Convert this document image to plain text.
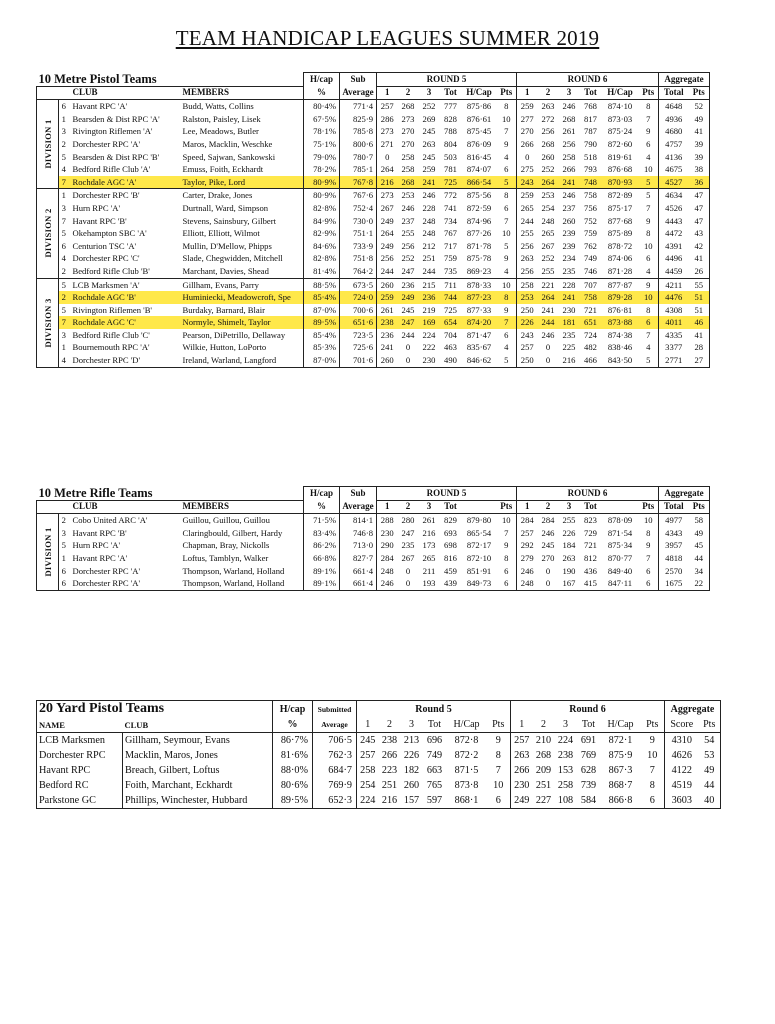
TEAM HANDICAP LEAGUES SUMMER 2019
10 Metre Pistol Teams				H/cap	Sub	ROUND 5						ROUND 6						Aggregate	
		CLUB	MEMBERS	%	Average	1	2	3	Tot	H/Cap	Pts	1	2	3	Tot	H/Cap	Pts	Total	Pts

DIVISION 1	6	Havant RPC 'A'	Budd, Watts, Collins	80·4%	771·4	257	268	252	777	875·86	8	259	263	246	768	874·10	8	4648	52
	1	Bearsden & Dist RPC 'A'	Ralston, Paisley, Lisek	67·5%	825·9	286	273	269	828	876·61	10	277	272	268	817	873·03	7	4936	49
	3	Rivington Riflemen 'A'	Lee, Meadows, Butler	78·1%	785·8	273	270	245	788	875·45	7	270	256	261	787	875·24	9	4680	41
	2	Dorchester RPC 'A'	Maros, Macklin, Weschke	75·1%	800·6	271	270	263	804	876·09	9	266	268	256	790	872·60	6	4757	39
	5	Bearsden & Dist RPC 'B'	Speed, Sajwan, Sankowski	79·0%	780·7	0	258	245	503	816·45	4	0	260	258	518	819·61	4	4136	39
	4	Bedford Rifle Club 'A'	Emuss, Foith, Eckhardt	78·2%	785·1	264	258	259	781	874·07	6	275	252	266	793	876·68	10	4675	38
	7	Rochdale AGC 'A'	Taylor, Pike, Lord	80·9%	767·8	216	268	241	725	866·54	5	243	264	241	748	870·93	5	4527	36

DIVISION 2	1	Dorchester RPC 'B'	Carter, Drake, Jones	80·9%	767·6	273	253	246	772	875·56	8	259	253	246	758	872·89	5	4634	47
	3	Hurn RPC 'A'	Durtnall, Ward, Simpson	82·8%	752·4	267	246	228	741	872·59	6	265	254	237	756	875·17	7	4526	47
	7	Havant RPC 'B'	Stevens, Sainsbury, Gilbert	84·9%	730·0	249	237	248	734	874·96	7	244	248	260	752	877·68	9	4443	47
	5	Okehampton SBC 'A'	Elliott, Elliott, Wilmot	82·9%	751·1	264	255	248	767	877·26	10	255	265	239	759	875·89	8	4472	43
	6	Centurion TSC 'A'	Mullin, D'Mellow, Phipps	84·6%	733·9	249	256	212	717	871·78	5	256	267	239	762	878·72	10	4391	42
	4	Dorchester RPC 'C'	Slade, Chegwidden, Mitchell	82·8%	751·8	256	252	251	759	875·78	9	263	252	234	749	874·06	6	4496	41
	2	Bedford Rifle Club 'B'	Marchant, Davies, Shead	81·4%	764·2	244	247	244	735	869·23	4	256	255	235	746	871·28	4	4459	26

DIVISION 3	5	LCB Marksmen 'A'	Gillham, Evans, Parry	88·5%	673·5	260	236	215	711	878·33	10	258	221	228	707	877·87	9	4211	55
	2	Rochdale AGC 'B'	Huminiecki, Meadowcroft, Spe	85·4%	724·0	259	249	236	744	877·23	8	253	264	241	758	879·28	10	4476	51
	5	Rivington Riflemen 'B'	Burdaky, Barnard, Blair	87·0%	700·6	261	245	219	725	877·33	9	250	241	230	721	876·81	8	4308	51
	7	Rochdale AGC 'C'	Normyle, Shimelt, Taylor	89·5%	651·6	238	247	169	654	874·20	7	226	244	181	651	873·88	6	4011	46
	3	Bedford Rifle Club 'C'	Pearson, DiPetrillo, Dellaway	85·4%	723·5	236	244	224	704	871·47	6	243	246	235	724	874·38	7	4335	41
	1	Bournemouth RPC 'A'	Wilkie, Hutton, LoPorto	85·3%	725·6	241	0	222	463	835·67	4	257	0	225	482	838·46	4	3377	28
	4	Dorchester RPC 'D'	Ireland, Warland, Langford	87·0%	701·6	260	0	230	490	846·62	5	250	0	216	466	843·50	5	2771	27
10 Metre Rifle Teams				H/cap	Sub	ROUND 5						ROUND 6						Aggregate	
		CLUB	MEMBERS	%	Average	1	2	3	Tot		Pts	1	2	3	Tot		Pts	Total	Pts

DIVISION 1	2	Cobo United ARC 'A'	Guillou, Guillou, Guillou	71·5%	814·1	288	280	261	829	879·80	10	284	284	255	823	878·09	10	4977	58
	3	Havant RPC 'B'	Claringbould, Gilbert, Hardy	83·4%	746·8	230	247	216	693	865·54	7	257	246	226	729	871·54	8	4343	49
	5	Hurn RPC 'A'	Chapman, Bray, Nickolls	86·2%	713·0	290	235	173	698	872·17	9	292	245	184	721	875·34	9	3957	45
	1	Havant RPC 'A'	Loftus, Tamblyn, Walker	66·8%	827·7	284	267	265	816	872·10	8	279	270	263	812	870·77	7	4818	44
	6	Dorchester RPC 'A'	Thompson, Warland, Holland	89·1%	661·4	248	0	211	459	851·91	6	246	0	190	436	849·40	6	2570	34
	6	Dorchester RPC 'A'	Thompson, Warland, Holland	89·1%	661·4	246	0	193	439	849·73	6	248	0	167	415	847·11	6	1675	22
20 Yard Pistol Teams		H/cap	Submitted	Round 5						Round 6						Aggregate	
NAME	CLUB	%	Average	1	2	3	Tot	H/Cap	Pts	1	2	3	Tot	H/Cap	Pts	Score	Pts
LCB Marksmen	Gillham, Seymour, Evans	86·7%	706·5	245	238	213	696	872·8	9	257	210	224	691	872·1	9	4310	54
Dorchester RPC	Macklin, Maros, Jones	81·6%	762·3	257	266	226	749	872·2	8	263	268	238	769	875·9	10	4626	53
Havant RPC	Breach, Gilbert, Loftus	88·0%	684·7	258	223	182	663	871·5	7	266	209	153	628	867·3	7	4122	49
Bedford RC	Foith, Marchant, Eckhardt	80·6%	769·9	254	251	260	765	873·8	10	230	251	258	739	868·7	8	4519	44
Parkstone GC	Phillips, Winchester, Hubbard	89·5%	652·3	224	216	157	597	868·1	6	249	227	108	584	866·8	6	3603	40
